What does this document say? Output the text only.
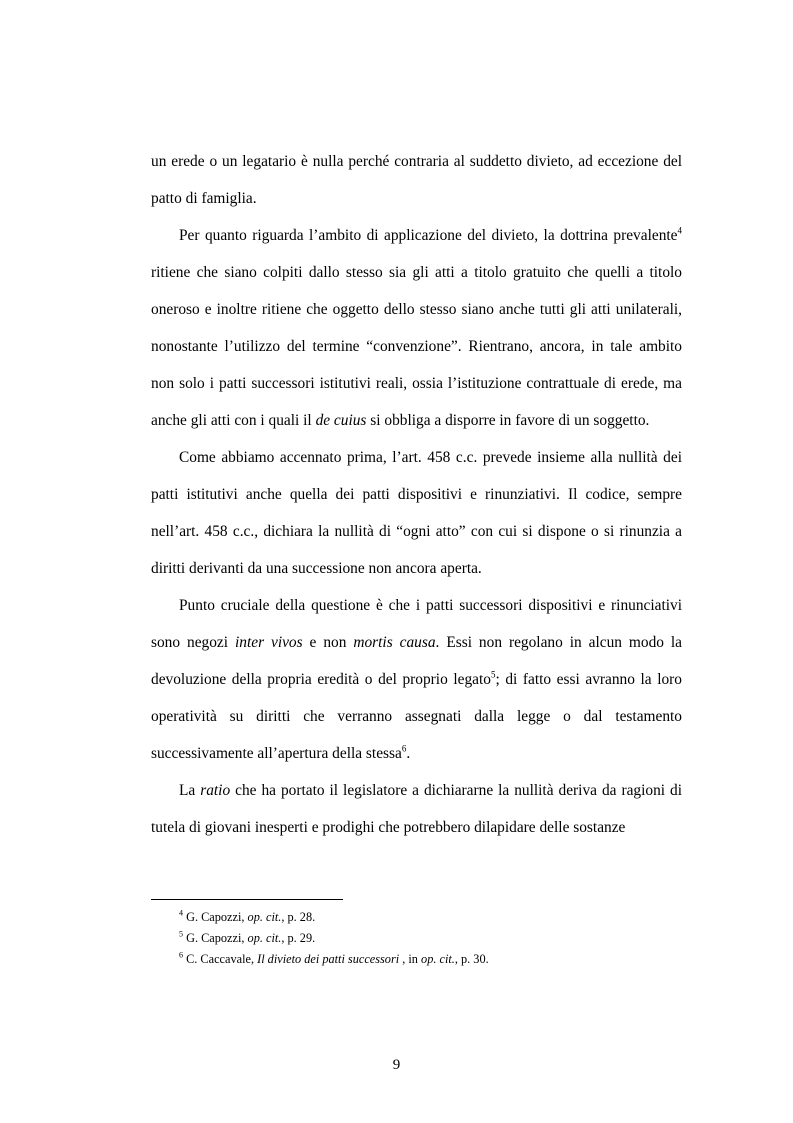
un erede o un legatario è nulla perché contraria al suddetto divieto, ad eccezione del patto di famiglia.

Per quanto riguarda l’ambito di applicazione del divieto, la dottrina prevalente$^4$ ritiene che siano colpiti dallo stesso sia gli atti a titolo gratuito che quelli a titolo oneroso e inoltre ritiene che oggetto dello stesso siano anche tutti gli atti unilaterali, nonostante l’utilizzo del termine “convenzione”. Rientrano, ancora, in tale ambito non solo i patti successori istitutivi reali, ossia l’istituzione contrattuale di erede, ma anche gli atti con i quali il de cuius si obbliga a disporre in favore di un soggetto.

Come abbiamo accennato prima, l’art. 458 c.c. prevede insieme alla nullità dei patti istitutivi anche quella dei patti dispositivi e rinunziativi. Il codice, sempre nell’art. 458 c.c., dichiara la nullità di “ogni atto” con cui si dispone o si rinunzia a diritti derivanti da una successione non ancora aperta.

Punto cruciale della questione è che i patti successori dispositivi e rinunciativi sono negozi inter vivos e non mortis causa. Essi non regolano in alcun modo la devoluzione della propria eredità o del proprio legato$^5$; di fatto essi avranno la loro operatività su diritti che verranno assegnati dalla legge o dal testamento successivamente all’apertura della stessa$^6$.

La ratio che ha portato il legislatore a dichiararne la nullità deriva da ragioni di tutela di giovani inesperti e prodighi che potrebbero dilapidare delle sostanze

$^4$ G. Capozzi, op. cit., p. 28.

$^5$ G. Capozzi, op. cit., p. 29.

$^6$ C. Caccavale, Il divieto dei patti successori , in op. cit., p. 30.

9
